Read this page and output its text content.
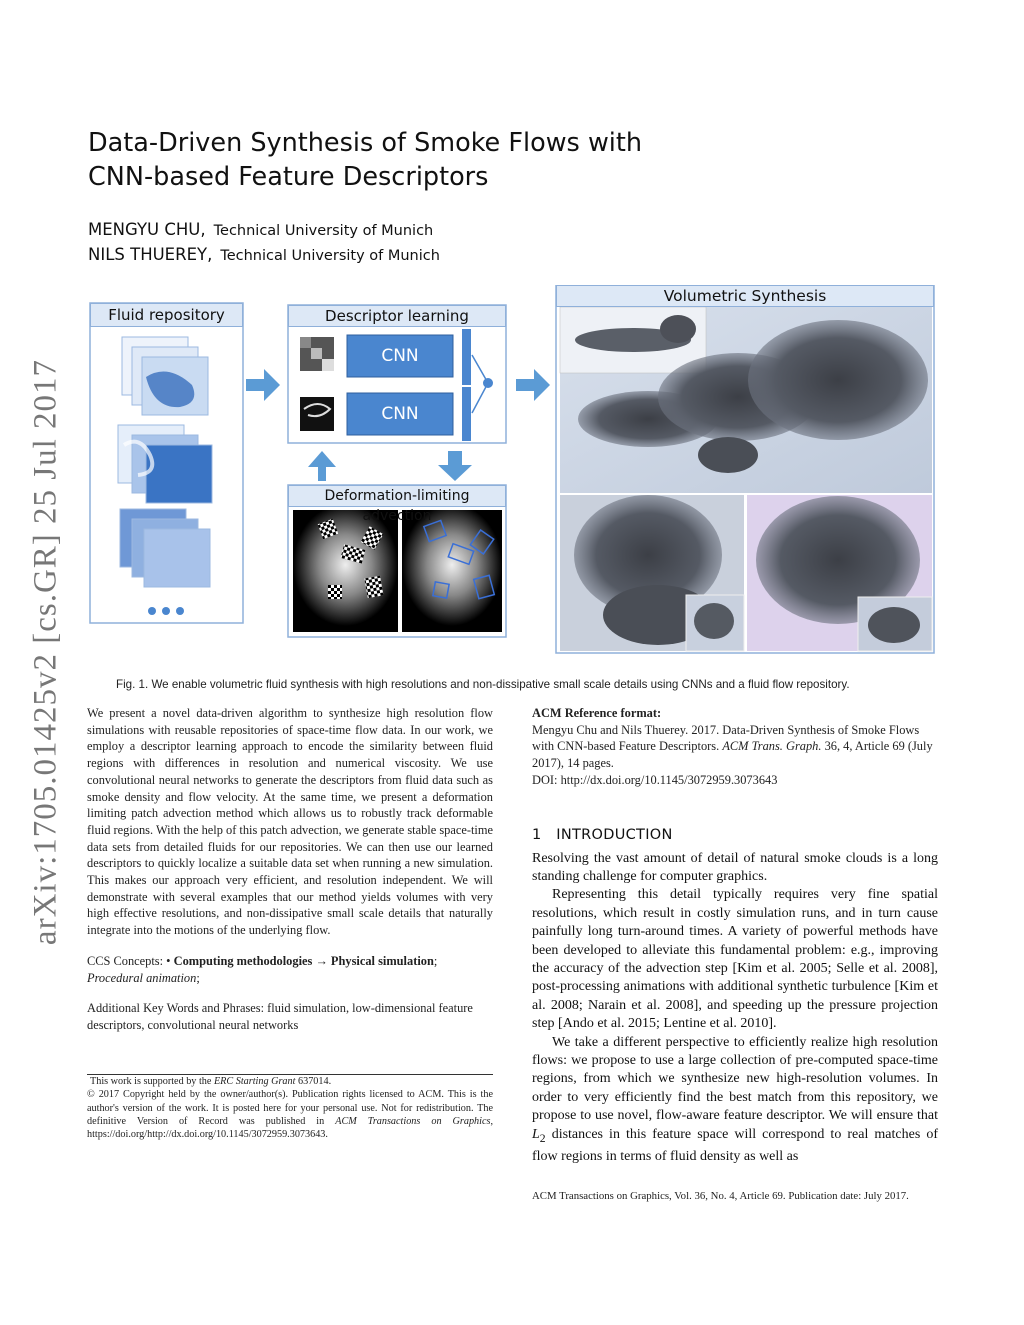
arXiv:1705.01425v2 [cs.GR] 25 Jul 2017
Data-Driven Synthesis of Smoke Flows with
CNN-based Feature Descriptors
MENGYU CHU, Technical University of Munich
NILS THUEREY, Technical University of Munich
Fluid repository	Descriptor learning
CNN
CNN
Deformation-limiting advection
Volumetric Synthesis
Fig. 1. We enable volumetric fluid synthesis with high resolutions and non-dissipative small scale details using CNNs and a fluid flow repository.
We present a novel data-driven algorithm to synthesize high resolution flow simulations with reusable repositories of space-time flow data. In our work, we employ a descriptor learning approach to encode the similarity between fluid regions with differences in resolution and numerical viscosity. We use convolutional neural networks to generate the descriptors from fluid data such as smoke density and flow velocity. At the same time, we present a deformation limiting patch advection method which allows us to robustly track deformable fluid regions. With the help of this patch advection, we generate stable space-time data sets from detailed fluids for our repositories. We can then use our learned descriptors to quickly localize a suitable data set when running a new simulation. This makes our approach very efficient, and resolution independent. We will demonstrate with several examples that our method yields volumes with very high effective resolutions, and non-dissipative small scale details that naturally integrate into the motions of the underlying flow.
CCS Concepts: • Computing methodologies → Physical simulation; Procedural animation;
Additional Key Words and Phrases: fluid simulation, low-dimensional feature descriptors, convolutional neural networks
This work is supported by the ERC Starting Grant 637014.
© 2017 Copyright held by the owner/author(s). Publication rights licensed to ACM. This is the author's version of the work. It is posted here for your personal use. Not for redistribution. The definitive Version of Record was published in ACM Transactions on Graphics, https://doi.org/http://dx.doi.org/10.1145/3072959.3073643.
ACM Reference format:
Mengyu Chu and Nils Thuerey. 2017. Data-Driven Synthesis of Smoke Flows with CNN-based Feature Descriptors. ACM Trans. Graph. 36, 4, Article 69 (July 2017), 14 pages.
DOI: http://dx.doi.org/10.1145/3072959.3073643
1 INTRODUCTION
Resolving the vast amount of detail of natural smoke clouds is a long standing challenge for computer graphics.
Representing this detail typically requires very fine spatial resolutions, which result in costly simulation runs, and in turn cause painfully long turn-around times. A variety of powerful methods have been developed to alleviate this fundamental problem: e.g., improving the accuracy of the advection step [Kim et al. 2005; Selle et al. 2008], post-processing animations with additional synthetic turbulence [Kim et al. 2008; Narain et al. 2008], and speeding up the pressure projection step [Ando et al. 2015; Lentine et al. 2010].
We take a different perspective to efficiently realize high resolution flows: we propose to use a large collection of pre-computed space-time regions, from which we synthesize new high-resolution volumes. In order to very efficiently find the best match from this repository, we propose to use novel, flow-aware feature descriptor. We will ensure that $L_2$ distances in this feature space will correspond to real matches of flow regions in terms of fluid density as well as
ACM Transactions on Graphics, Vol. 36, No. 4, Article 69. Publication date: July 2017.
